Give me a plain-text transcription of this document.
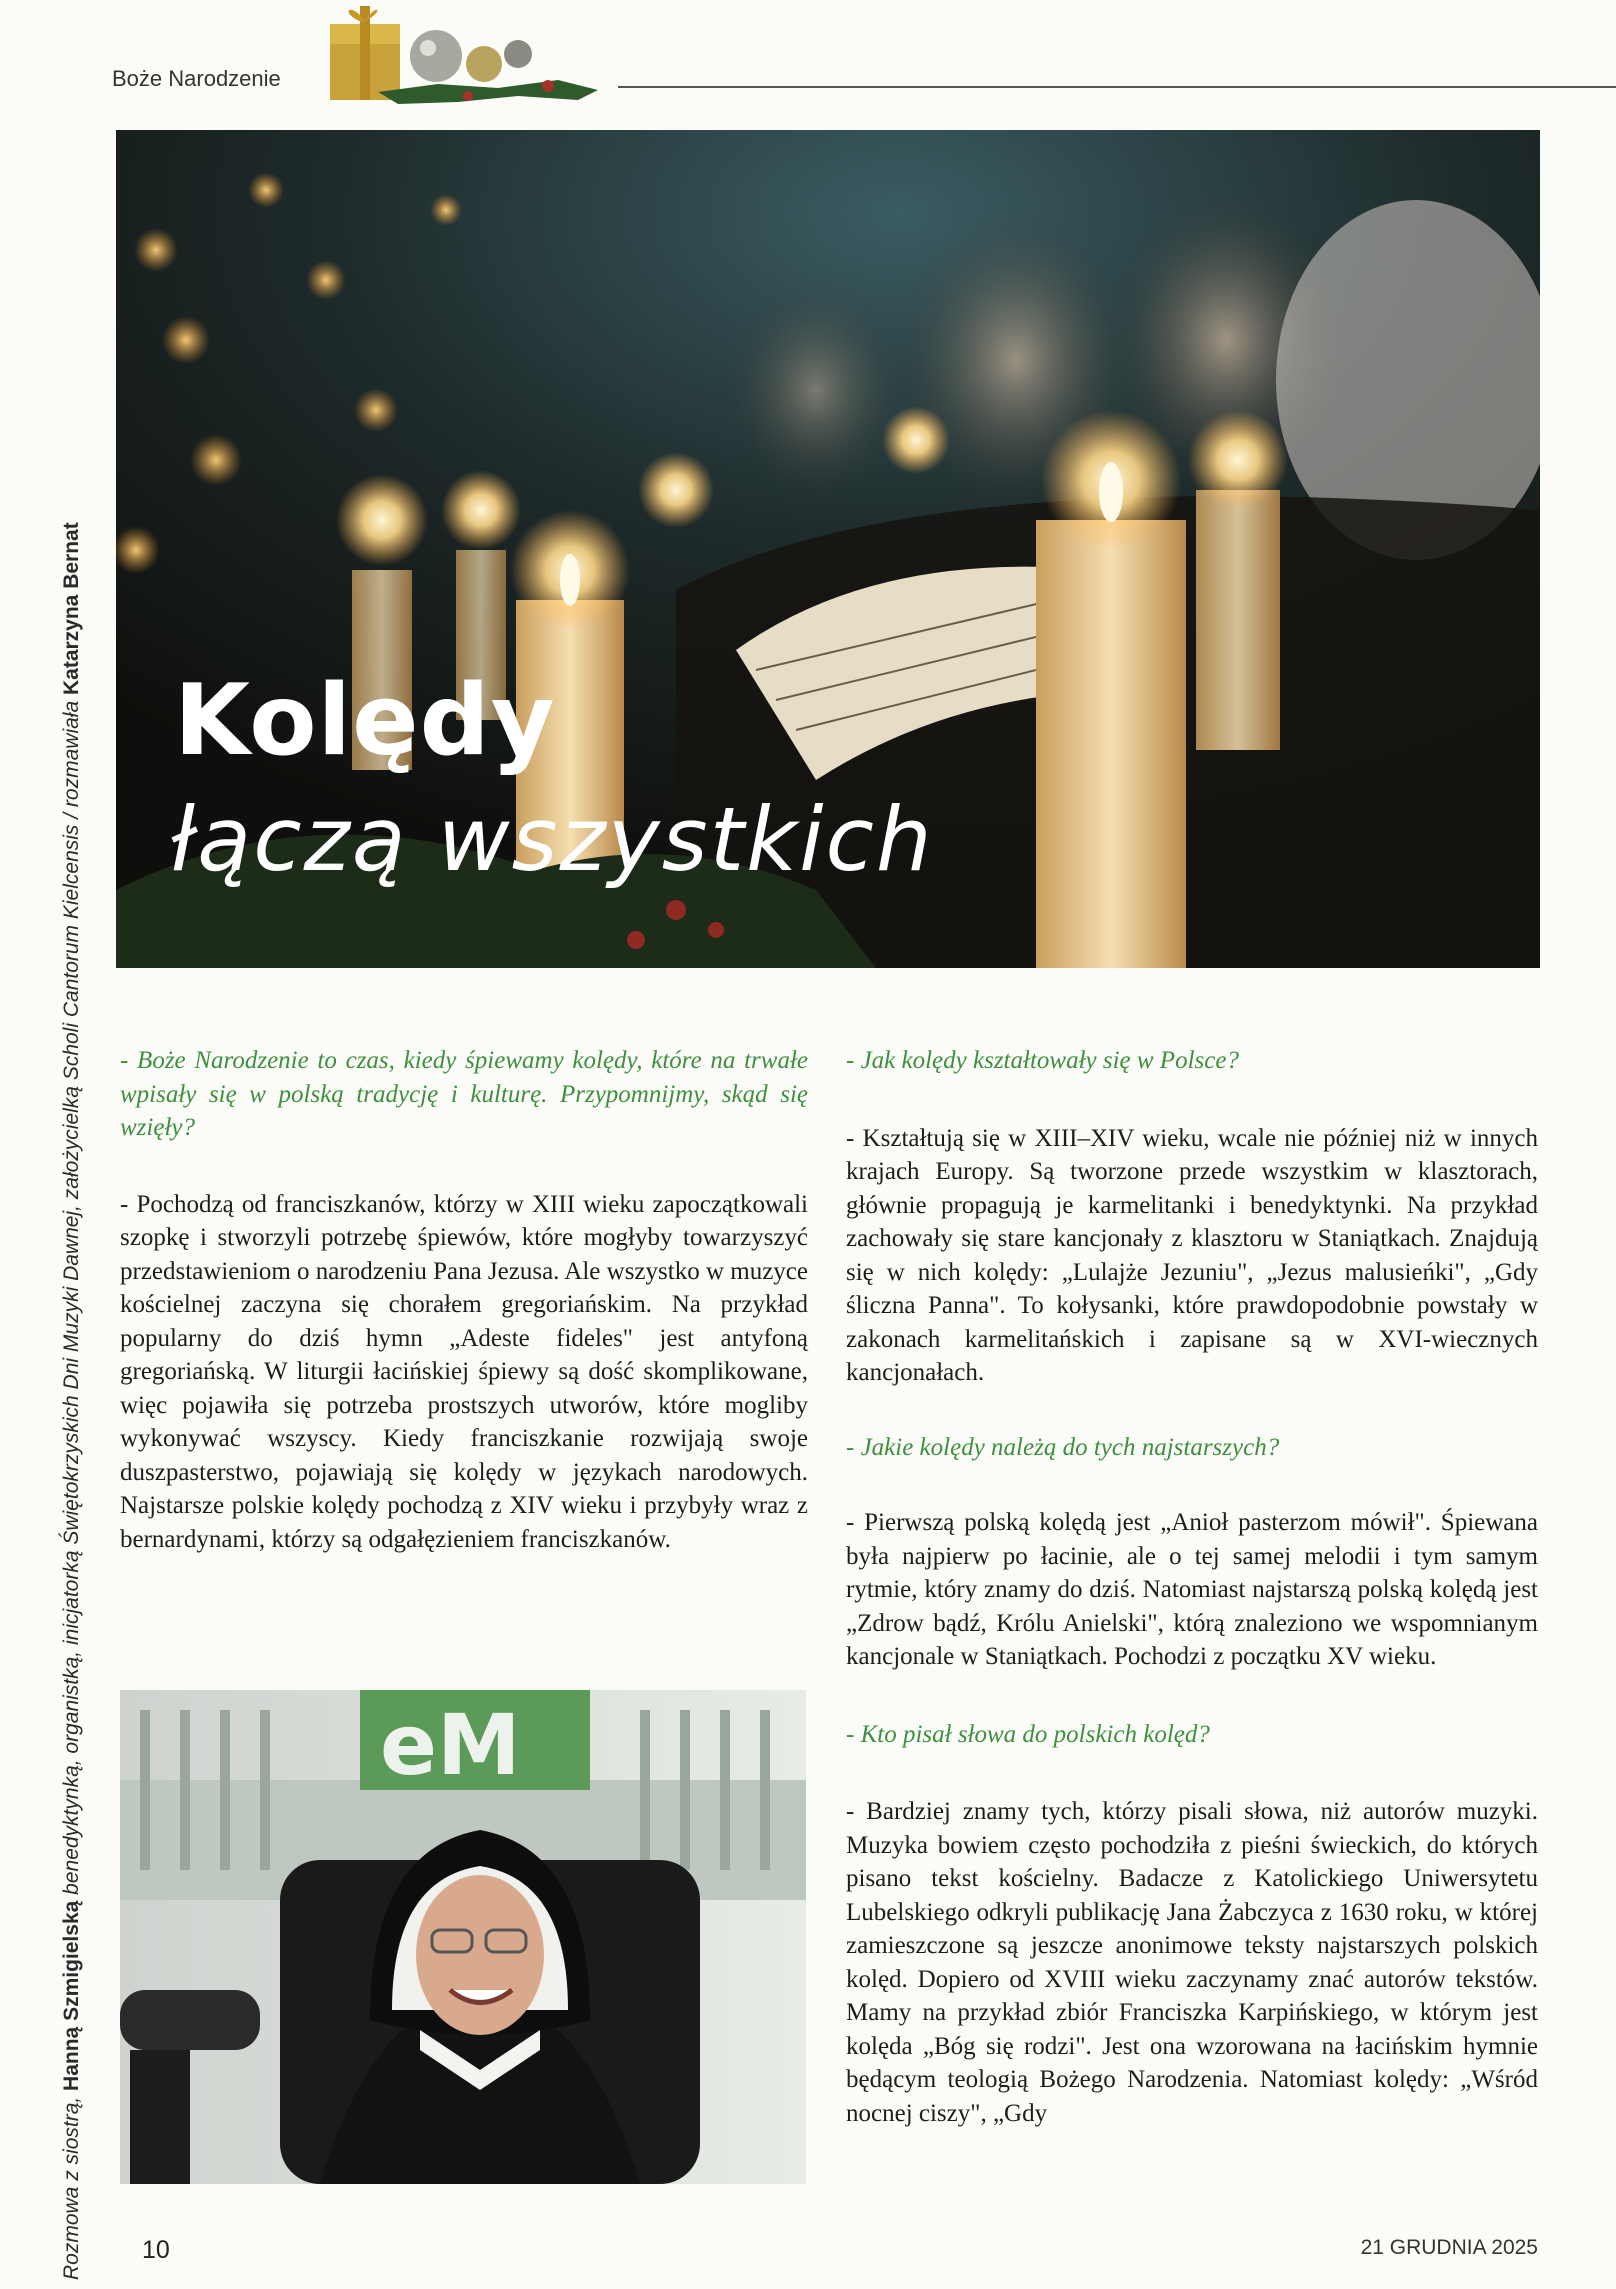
Boże Narodzenie
Rozmowa z siostrą, Hanną Szmigielską benedyktynką, organistką, inicjatorką Świętokrzyskich Dni Muzyki Dawnej, założycielką Scholi Cantorum Kielcensis / rozmawiała Katarzyna Bernat
Kolędy
łączą wszystkich

- Boże Narodzenie to czas, kiedy śpiewamy kolędy, które na trwałe wpisały się w polską tradycję i kulturę. Przypomnijmy, skąd się wzięły?

- Pochodzą od franciszkanów, którzy w XIII wieku zapoczątkowali szopkę i stworzyli potrzebę śpiewów, które mogłyby towarzyszyć przedstawieniom o narodzeniu Pana Jezusa. Ale wszystko w muzyce kościelnej zaczyna się chorałem gregoriańskim. Na przykład popularny do dziś hymn „Adeste fideles" jest antyfoną gregoriańską. W liturgii łacińskiej śpiewy są dość skomplikowane, więc pojawiła się potrzeba prostszych utworów, które mogliby wykonywać wszyscy. Kiedy franciszkanie rozwijają swoje duszpasterstwo, pojawiają się kolędy w językach narodowych. Najstarsze polskie kolędy pochodzą z XIV wieku i przybyły wraz z bernardynami, którzy są odgałęzieniem franciszkanów.

- Jak kolędy kształtowały się w Polsce?

- Kształtują się w XIII–XIV wieku, wcale nie później niż w innych krajach Europy. Są tworzone przede wszystkim w klasztorach, głównie propagują je karmelitanki i benedyktynki. Na przykład zachowały się stare kancjonały z klasztoru w Staniątkach. Znajdują się w nich kolędy: „Lulajże Jezuniu", „Jezus malusieńki", „Gdy śliczna Panna". To kołysanki, które prawdopodobnie powstały w zakonach karmelitańskich i zapisane są w XVI-wiecznych kancjonałach.

- Jakie kolędy należą do tych najstarszych?

- Pierwszą polską kolędą jest „Anioł pasterzom mówił". Śpiewana była najpierw po łacinie, ale o tej samej melodii i tym samym rytmie, który znamy do dziś. Natomiast najstarszą polską kolędą jest „Zdrow bądź, Królu Anielski", którą znaleziono we wspomnianym kancjonale w Staniątkach. Pochodzi z początku XV wieku.

- Kto pisał słowa do polskich kolęd?

- Bardziej znamy tych, którzy pisali słowa, niż autorów muzyki. Muzyka bowiem często pochodziła z pieśni świeckich, do których pisano tekst kościelny. Badacze z Katolickiego Uniwersytetu Lubelskiego odkryli publikację Jana Żabczyca z 1630 roku, w której zamieszczone są jeszcze anonimowe teksty najstarszych polskich kolęd. Dopiero od XVIII wieku zaczynamy znać autorów tekstów. Mamy na przykład zbiór Franciszka Karpińskiego, w którym jest kolęda „Bóg się rodzi". Jest ona wzorowana na łacińskim hymnie będącym teologią Bożego Narodzenia. Natomiast kolędy: „Wśród nocnej ciszy", „Gdy

eM
10	21 GRUDNIA 2025
